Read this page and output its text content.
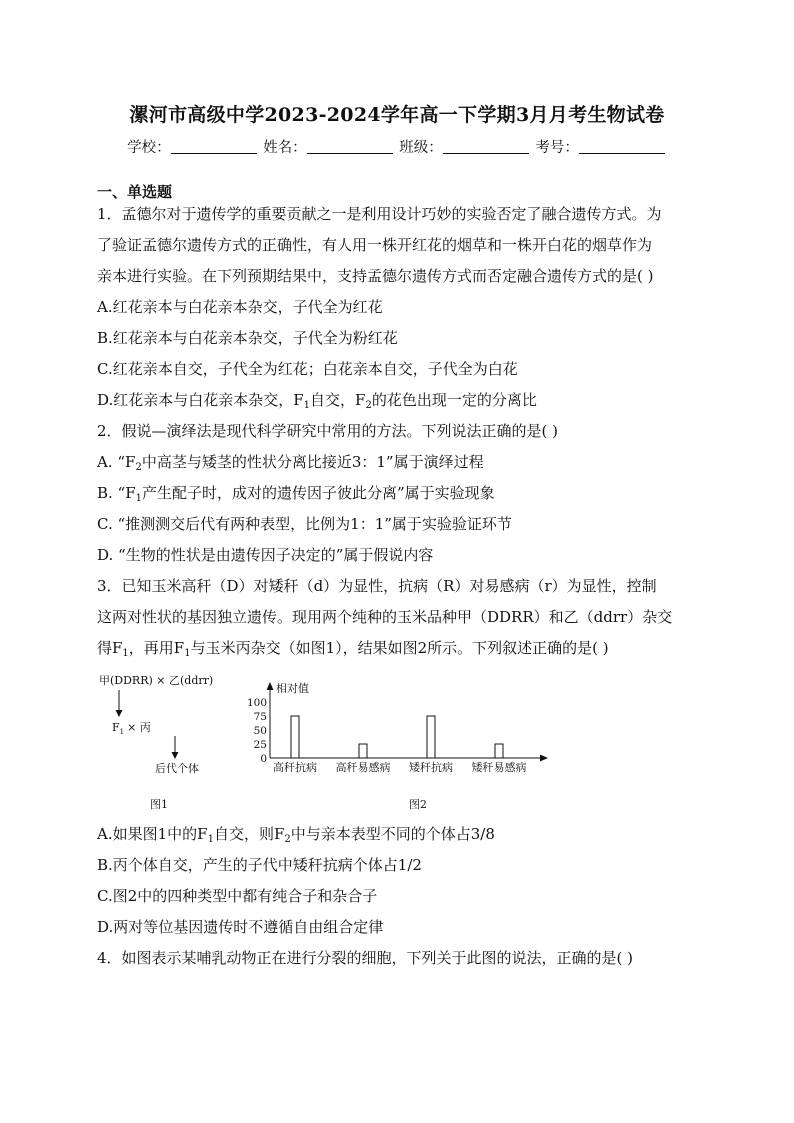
漯河市高级中学2023-2024学年高一下学期3月月考生物试卷
学校：	姓名：	班级：	考号：
一、单选题
1．孟德尔对于遗传学的重要贡献之一是利用设计巧妙的实验否定了融合遗传方式。为
了验证孟德尔遗传方式的正确性，有人用一株开红花的烟草和一株开白花的烟草作为
亲本进行实验。在下列预期结果中，支持孟德尔遗传方式而否定融合遗传方式的是( )
A.红花亲本与白花亲本杂交，子代全为红花
B.红花亲本与白花亲本杂交，子代全为粉红花
C.红花亲本自交，子代全为红花；白花亲本自交，子代全为白花
D.红花亲本与白花亲本杂交，$F_1$自交，$F_2$的花色出现一定的分离比
2．假说—演绎法是现代科学研究中常用的方法。下列说法正确的是( )
A. “$F_2$中高茎与矮茎的性状分离比接近3：1”属于演绎过程
B. “$F_1$产生配子时，成对的遗传因子彼此分离”属于实验现象
C. “推测测交后代有两种表型，比例为1：1”属于实验验证环节
D. “生物的性状是由遗传因子决定的”属于假说内容
3．已知玉米高秆（D）对矮秆（d）为显性，抗病（R）对易感病（r）为显性，控制
这两对性状的基因独立遗传。现用两个纯种的玉米品种甲（DDRR）和乙（ddrr）杂交
得$F_1$，再用$F_1$与玉米丙杂交（如图1），结果如图2所示。下列叙述正确的是( )
甲(DDRR) × 乙(ddrr)
$F_1$ × 丙
后代个体
图1
相对值
0
25
50
75
100
高秆抗病 高秆易感病 矮秆抗病 矮秆易感病
图2
A.如果图1中的$F_1$自交，则$F_2$中与亲本表型不同的个体占3/8
B.丙个体自交，产生的子代中矮秆抗病个体占1/2
C.图2中的四种类型中都有纯合子和杂合子
D.两对等位基因遗传时不遵循自由组合定律
4．如图表示某哺乳动物正在进行分裂的细胞，下列关于此图的说法，正确的是( )
